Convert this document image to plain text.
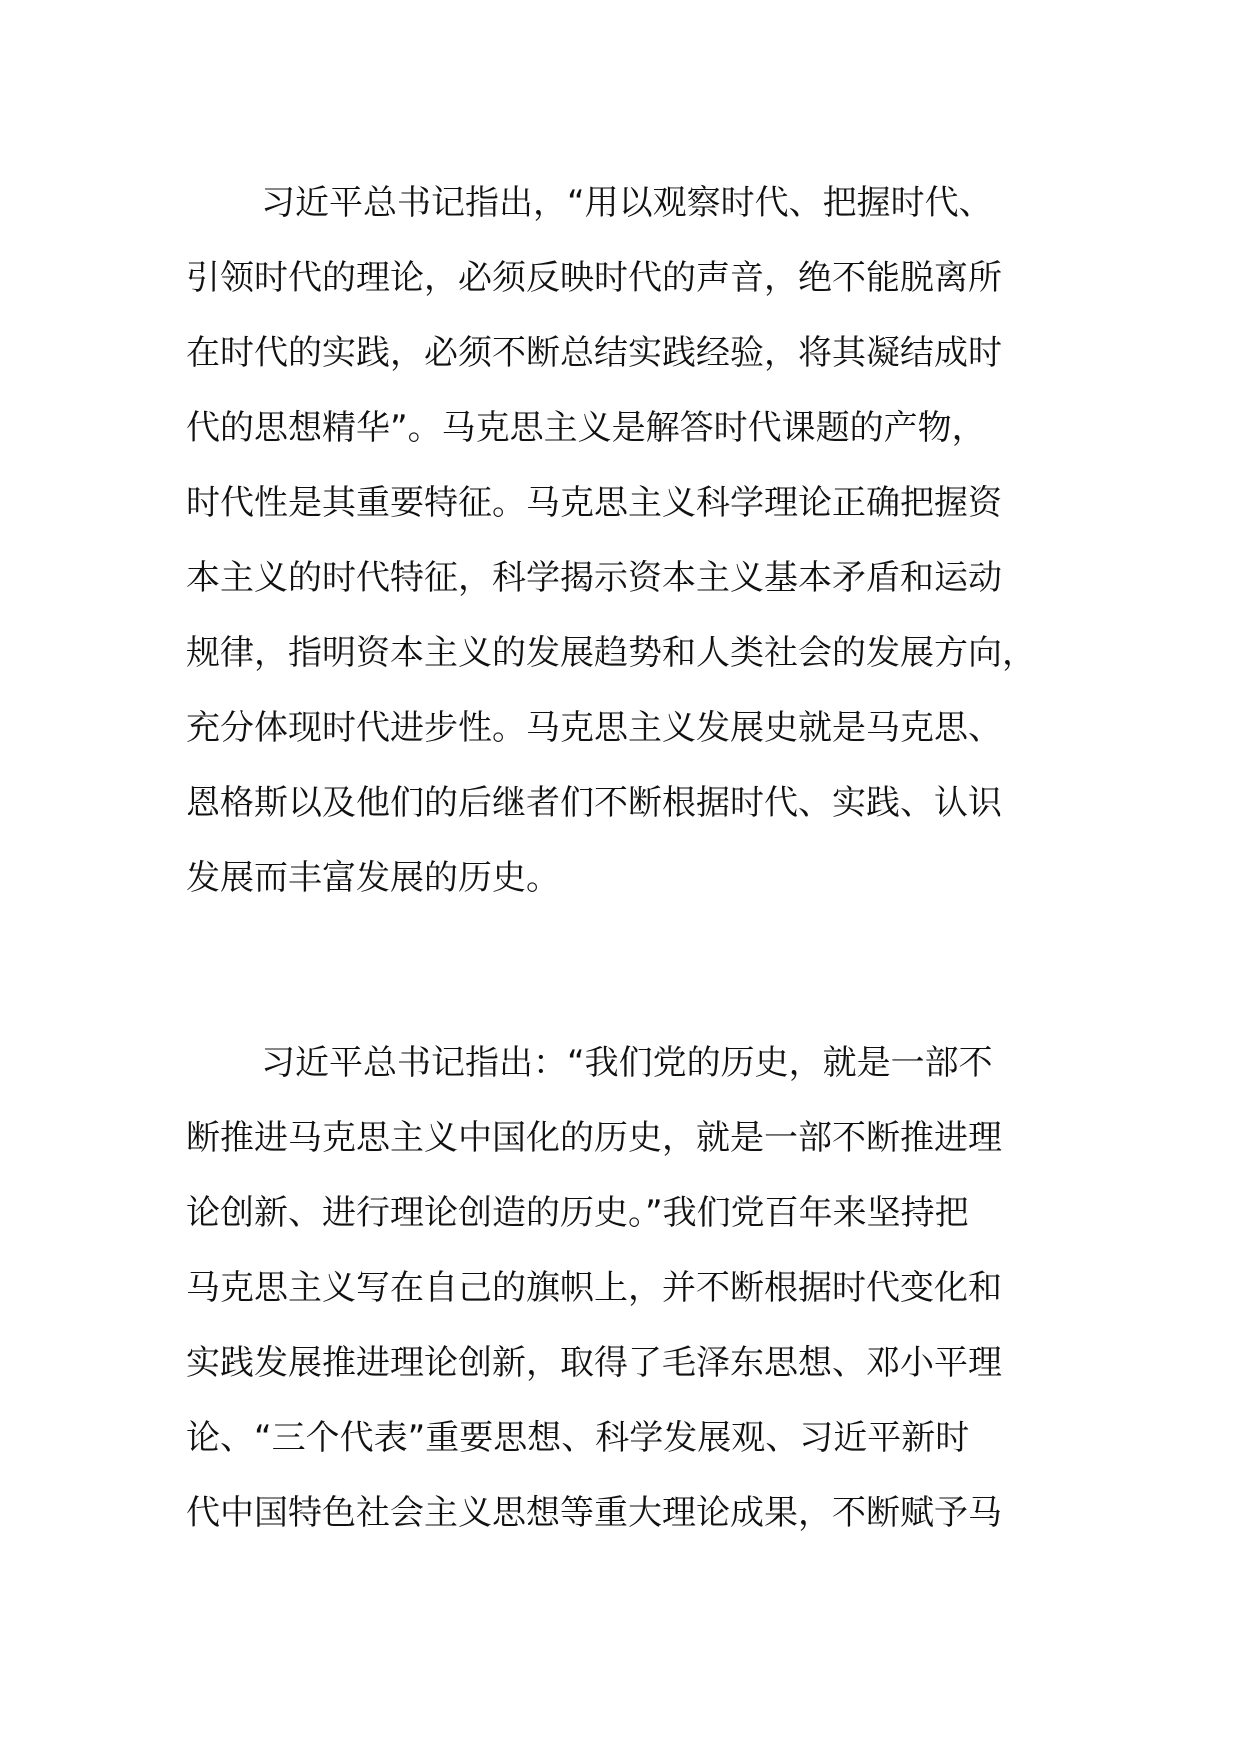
习近平总书记指出，“用以观察时代、把握时代、
引领时代的理论，必须反映时代的声音，绝不能脱离所
在时代的实践，必须不断总结实践经验，将其凝结成时
代的思想精华”。马克思主义是解答时代课题的产物，
时代性是其重要特征。马克思主义科学理论正确把握资
本主义的时代特征，科学揭示资本主义基本矛盾和运动
规律，指明资本主义的发展趋势和人类社会的发展方向，
充分体现时代进步性。马克思主义发展史就是马克思、
恩格斯以及他们的后继者们不断根据时代、实践、认识
发展而丰富发展的历史。
习近平总书记指出：“我们党的历史，就是一部不
断推进马克思主义中国化的历史，就是一部不断推进理
论创新、进行理论创造的历史。”我们党百年来坚持把
马克思主义写在自己的旗帜上，并不断根据时代变化和
实践发展推进理论创新，取得了毛泽东思想、邓小平理
论、“三个代表”重要思想、科学发展观、习近平新时
代中国特色社会主义思想等重大理论成果，不断赋予马
